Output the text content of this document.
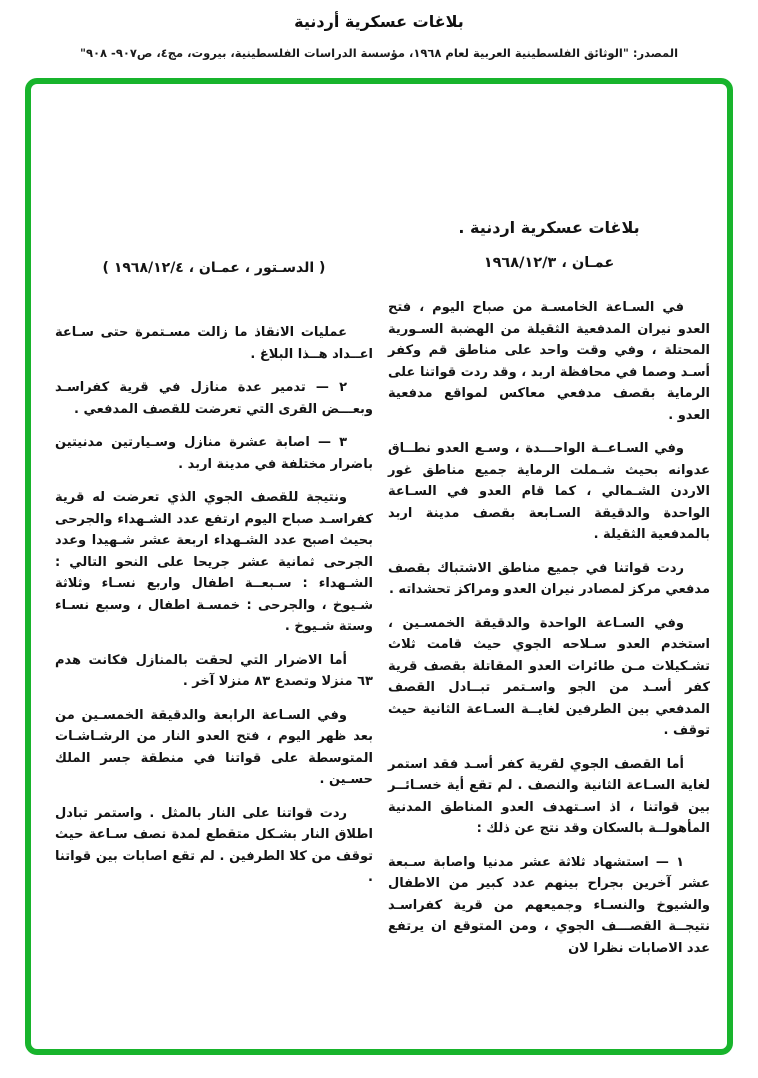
بلاغات عسكرية أردنية
المصدر: "الوثائق الفلسطينية العربية لعام ١٩٦٨، مؤسسة الدراسات الفلسطينية، بيروت، مج٤، ص٩٠٧- ٩٠٨"
بلاغات عسكرية اردنية .
عمـان ، ١٩٦٨/١٢/٣

في السـاعة الخامسـة من صباح اليوم ، فتح العدو نيران المدفعية الثقيلة من الهضبة السـورية المحتلة ، وفي وقت واحد على مناطق قم وكفر أسـد وصما في محافظة اربد ، وقد ردت قواتنا على الرماية بقصف مدفعي معاكس لمواقع مدفعية العدو .

وفي السـاعــة الواحـــدة ، وسـع العدو نطــاق عدوانه بحيث شـملت الرماية جميع مناطق غور الاردن الشـمالي ، كما قام العدو في السـاعة الواحدة والدقيقة السـابعة بقصف مدينة اربد بالمدفعية الثقيلة .

ردت قواتنا في جميع مناطق الاشتباك بقصف مدفعي مركز لمصادر نيران العدو ومراكز تحشداته .

وفي السـاعة الواحدة والدقيقة الخمسـين ، استخدم العدو سـلاحه الجوي حيث قامت ثلاث تشـكيلات مـن طائرات العدو المقاتلة بقصف قرية كفر أسـد من الجو واسـتمر تبــادل القصف المدفعي بين الطرفين لغايــة السـاعة الثانية حيث توقف .

أما القصف الجوي لقرية كفر أسـد فقد استمر لغاية السـاعة الثانية والنصف . لم تقع أية خسـائــر بين قواتنا ، اذ اسـتهدف العدو المناطق المدنية المأهولــة بالسكان وقد نتج عن ذلك :

١ — استشهاد ثلاثة عشر مدنيا واصابة سـبعة عشر آخرين بجراح بينهم عدد كبير من الاطفال والشيوخ والنسـاء وجميعهم من قرية كفراسـد نتيجــة القصـــف الجوي ، ومن المتوقع ان يرتفع عدد الاصابات نظرا لان

( الدسـتور ، عمـان ، ١٩٦٨/١٢/٤ )

عمليات الانقاذ ما زالت مسـتمرة حتى سـاعة اعــداد هــذا البلاغ .

٢ — تدمير عدة منازل في قرية كفراسـد وبعـــض القرى التي تعرضت للقصف المدفعي .

٣ — اصابة عشرة منازل وسـيارتين مدنيتين باضرار مختلفة في مدينة اربد .

ونتيجة للقصف الجوي الذي تعرضت له قرية كفراسـد صباح اليوم ارتفع عدد الشـهداء والجرحى بحيث اصبح عدد الشـهداء اربعة عشر شـهيدا وعدد الجرحى ثمانية عشر جريحا على النحو التالي : الشـهداء : سـبعــة اطفال واربع نسـاء وثلاثة شـيوخ ، والجرحى : خمسـة اطفال ، وسبع نسـاء وستة شـيوخ .

أما الاضرار التي لحقت بالمنازل فكانت هدم ٦٣ منزلا وتصدع ٨٣ منزلا آخر .

وفي السـاعة الرابعة والدقيقة الخمسـين من بعد ظهر اليوم ، فتح العدو النار من الرشـاشـات المتوسطة على قواتنا في منطقة جسر الملك حسـين .

ردت قواتنا على النار بالمثل . واستمر تبادل اطلاق النار بشـكل متقطع لمدة نصف سـاعة حيث توقف من كلا الطرفين . لم تقع اصابات بين قواتنا .
